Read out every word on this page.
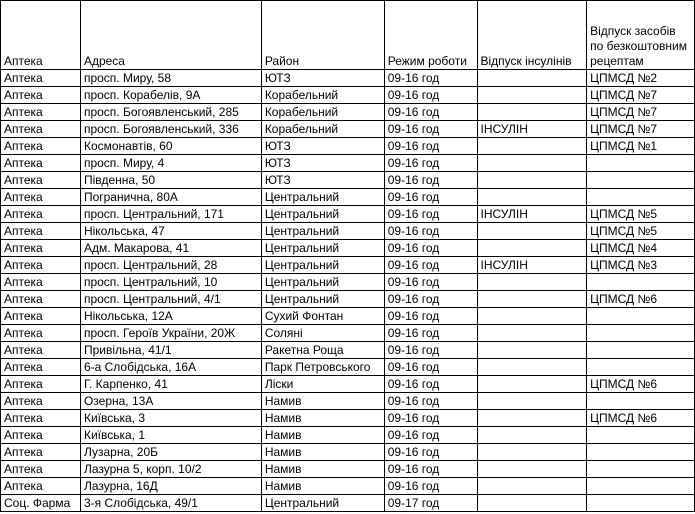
Аптека	Адреса	Район	Режим роботи	Відпуск інсулінів	Відпуск засобів по безкоштовним рецептам
Аптека	просп. Миру, 58	ЮТЗ	09-16 год		ЦПМСД №2
Аптека	просп. Корабелів, 9А	Корабельний	09-16 год		ЦПМСД №7
Аптека	просп. Богоявленський, 285	Корабельний	09-16 год		ЦПМСД №7
Аптека	просп. Богоявленський, 336	Корабельний	09-16 год	ІНСУЛІН	ЦПМСД №7
Аптека	Космонавтів, 60	ЮТЗ	09-16 год		ЦПМСД №1
Аптека	просп. Миру, 4	ЮТЗ	09-16 год		
Аптека	Південна, 50	ЮТЗ	09-16 год		
Аптека	Погранична, 80А	Центральний	09-16 год		
Аптека	просп. Центральний, 171	Центральний	09-16 год	ІНСУЛІН	ЦПМСД №5
Аптека	Нікольська, 47	Центральний	09-16 год		ЦПМСД №5
Аптека	Адм. Макарова, 41	Центральний	09-16 год		ЦПМСД №4
Аптека	просп. Центральний, 28	Центральний	09-16 год	ІНСУЛІН	ЦПМСД №3
Аптека	просп. Центральний, 10	Центральний	09-16 год		
Аптека	просп. Центральний, 4/1	Центральний	09-16 год		ЦПМСД №6
Аптека	Нікольська, 12А	Сухий Фонтан	09-16 год		
Аптека	просп. Героїв України, 20Ж	Соляні	09-16 год		
Аптека	Привільна, 41/1	Ракетна Роща	09-16 год		
Аптека	6-а Слобідська, 16А	Парк Петровського	09-16 год		
Аптека	Г. Карпенко, 41	Ліски	09-16 год		ЦПМСД №6
Аптека	Озерна, 13А	Намив	09-16 год		
Аптека	Київська, 3	Намив	09-16 год		ЦПМСД №6
Аптека	Київська, 1	Намив	09-16 год		
Аптека	Лузарна, 20Б	Намив	09-16 год		
Аптека	Лазурна 5, корп. 10/2	Намив	09-16 год		
Аптека	Лазурна, 16Д	Намив	09-16 год		
Соц. Фарма	3-я Слобідська, 49/1	Центральний	09-17 год		
